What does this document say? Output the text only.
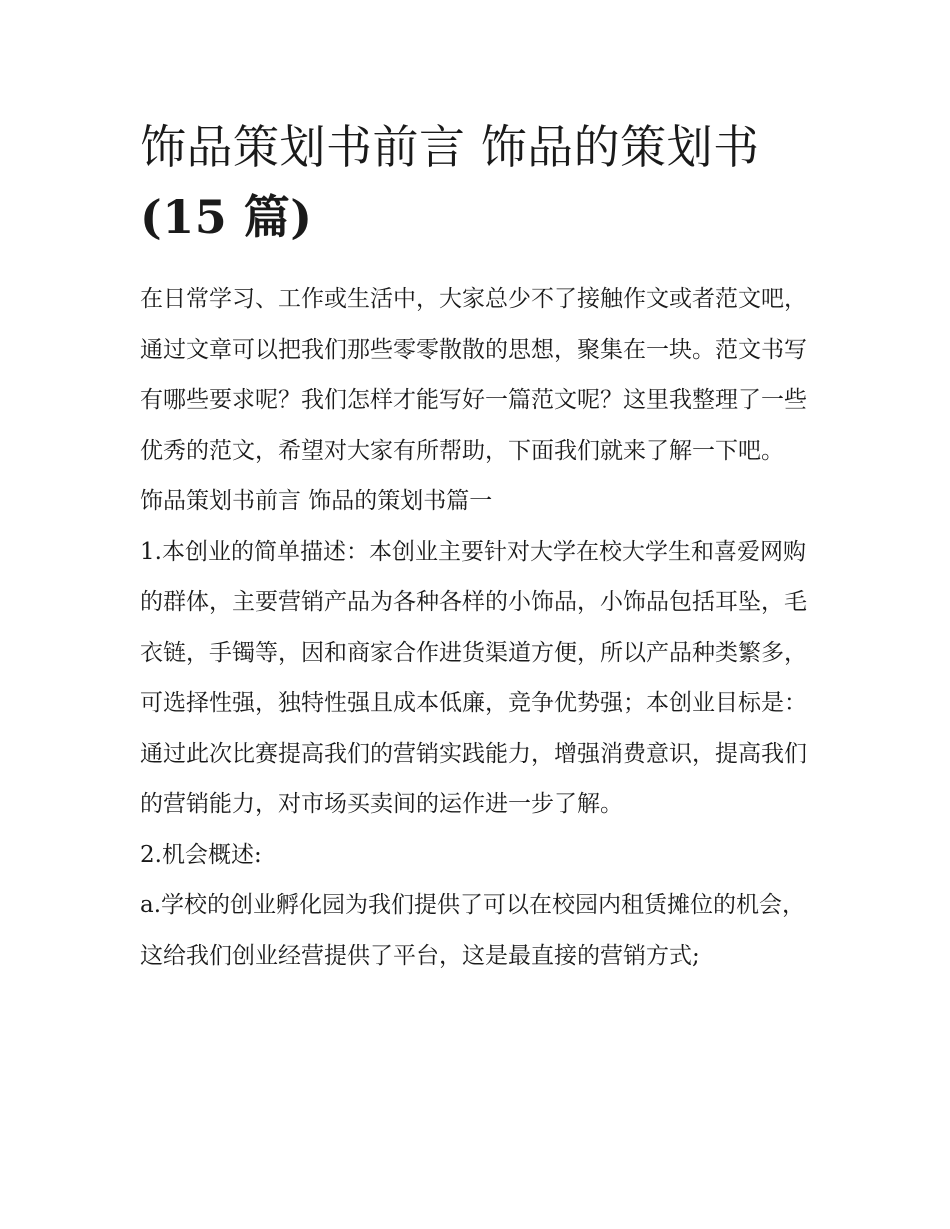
饰品策划书前言 饰品的策划书
(15 篇)

在日常学习、工作或生活中，大家总少不了接触作文或者范文吧，通过文章可以把我们那些零零散散的思想，聚集在一块。范文书写有哪些要求呢？我们怎样才能写好一篇范文呢？这里我整理了一些优秀的范文，希望对大家有所帮助，下面我们就来了解一下吧。

饰品策划书前言 饰品的策划书篇一

1.本创业的简单描述：本创业主要针对大学在校大学生和喜爱网购的群体，主要营销产品为各种各样的小饰品，小饰品包括耳坠，毛衣链，手镯等，因和商家合作进货渠道方便，所以产品种类繁多，可选择性强，独特性强且成本低廉，竞争优势强；本创业目标是：通过此次比赛提高我们的营销实践能力，增强消费意识，提高我们的营销能力，对市场买卖间的运作进一步了解。

2.机会概述:

a.学校的创业孵化园为我们提供了可以在校园内租赁摊位的机会，这给我们创业经营提供了平台，这是最直接的营销方式;
